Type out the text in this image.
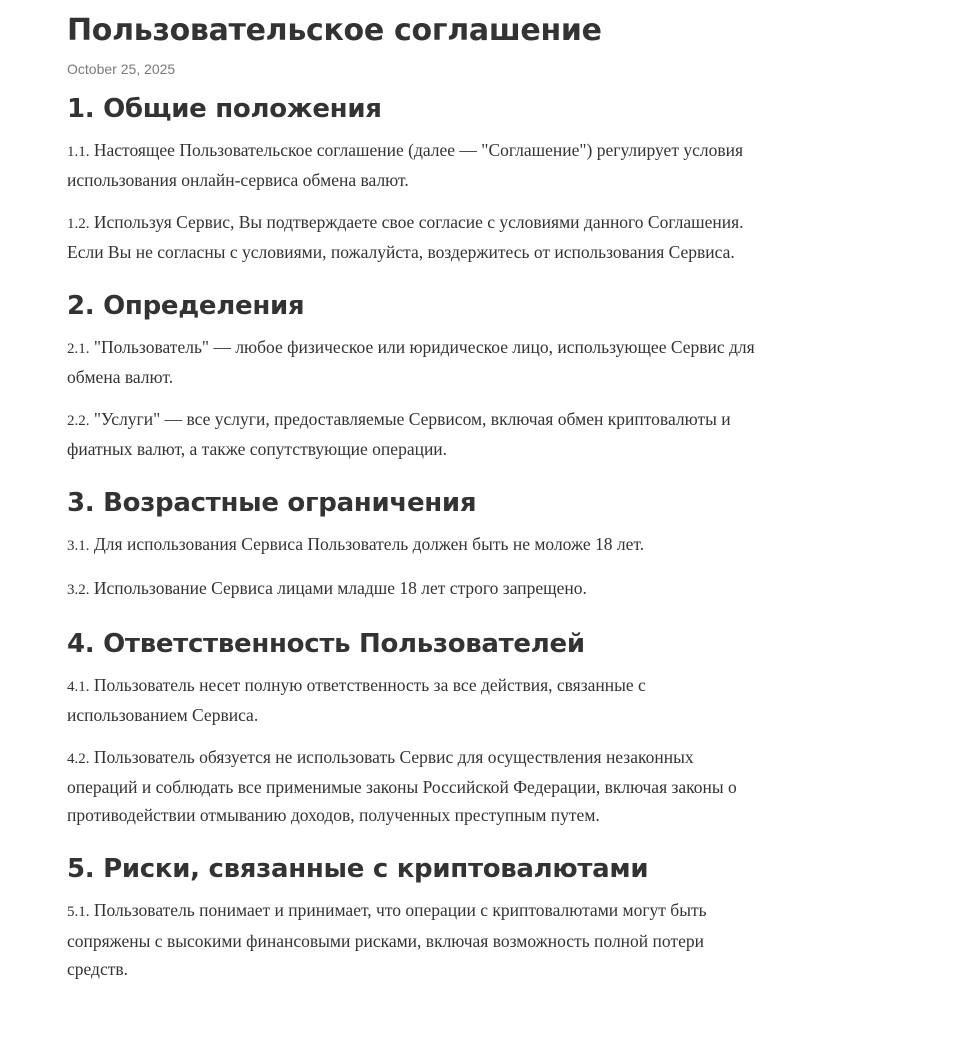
Пользовательское соглашение
October 25, 2025
1. Общие положения

1.1. Настоящее Пользовательское соглашение (далее — "Соглашение") регулирует условия использования онлайн-сервиса обмена валют.

1.2. Используя Сервис, Вы подтверждаете свое согласие с условиями данного Соглашения. Если Вы не согласны с условиями, пожалуйста, воздержитесь от использования Сервиса.

2. Определения

2.1. "Пользователь" — любое физическое или юридическое лицо, использующее Сервис для обмена валют.

2.2. "Услуги" — все услуги, предоставляемые Сервисом, включая обмен криптовалюты и фиатных валют, а также сопутствующие операции.

3. Возрастные ограничения

3.1. Для использования Сервиса Пользователь должен быть не моложе 18 лет.

3.2. Использование Сервиса лицами младше 18 лет строго запрещено.

4. Ответственность Пользователей

4.1. Пользователь несет полную ответственность за все действия, связанные с использованием Сервиса.

4.2. Пользователь обязуется не использовать Сервис для осуществления незаконных операций и соблюдать все применимые законы Российской Федерации, включая законы о противодействии отмыванию доходов, полученных преступным путем.

5. Риски, связанные с криптовалютами

5.1. Пользователь понимает и принимает, что операции с криптовалютами могут быть сопряжены с высокими финансовыми рисками, включая возможность полной потери средств.
